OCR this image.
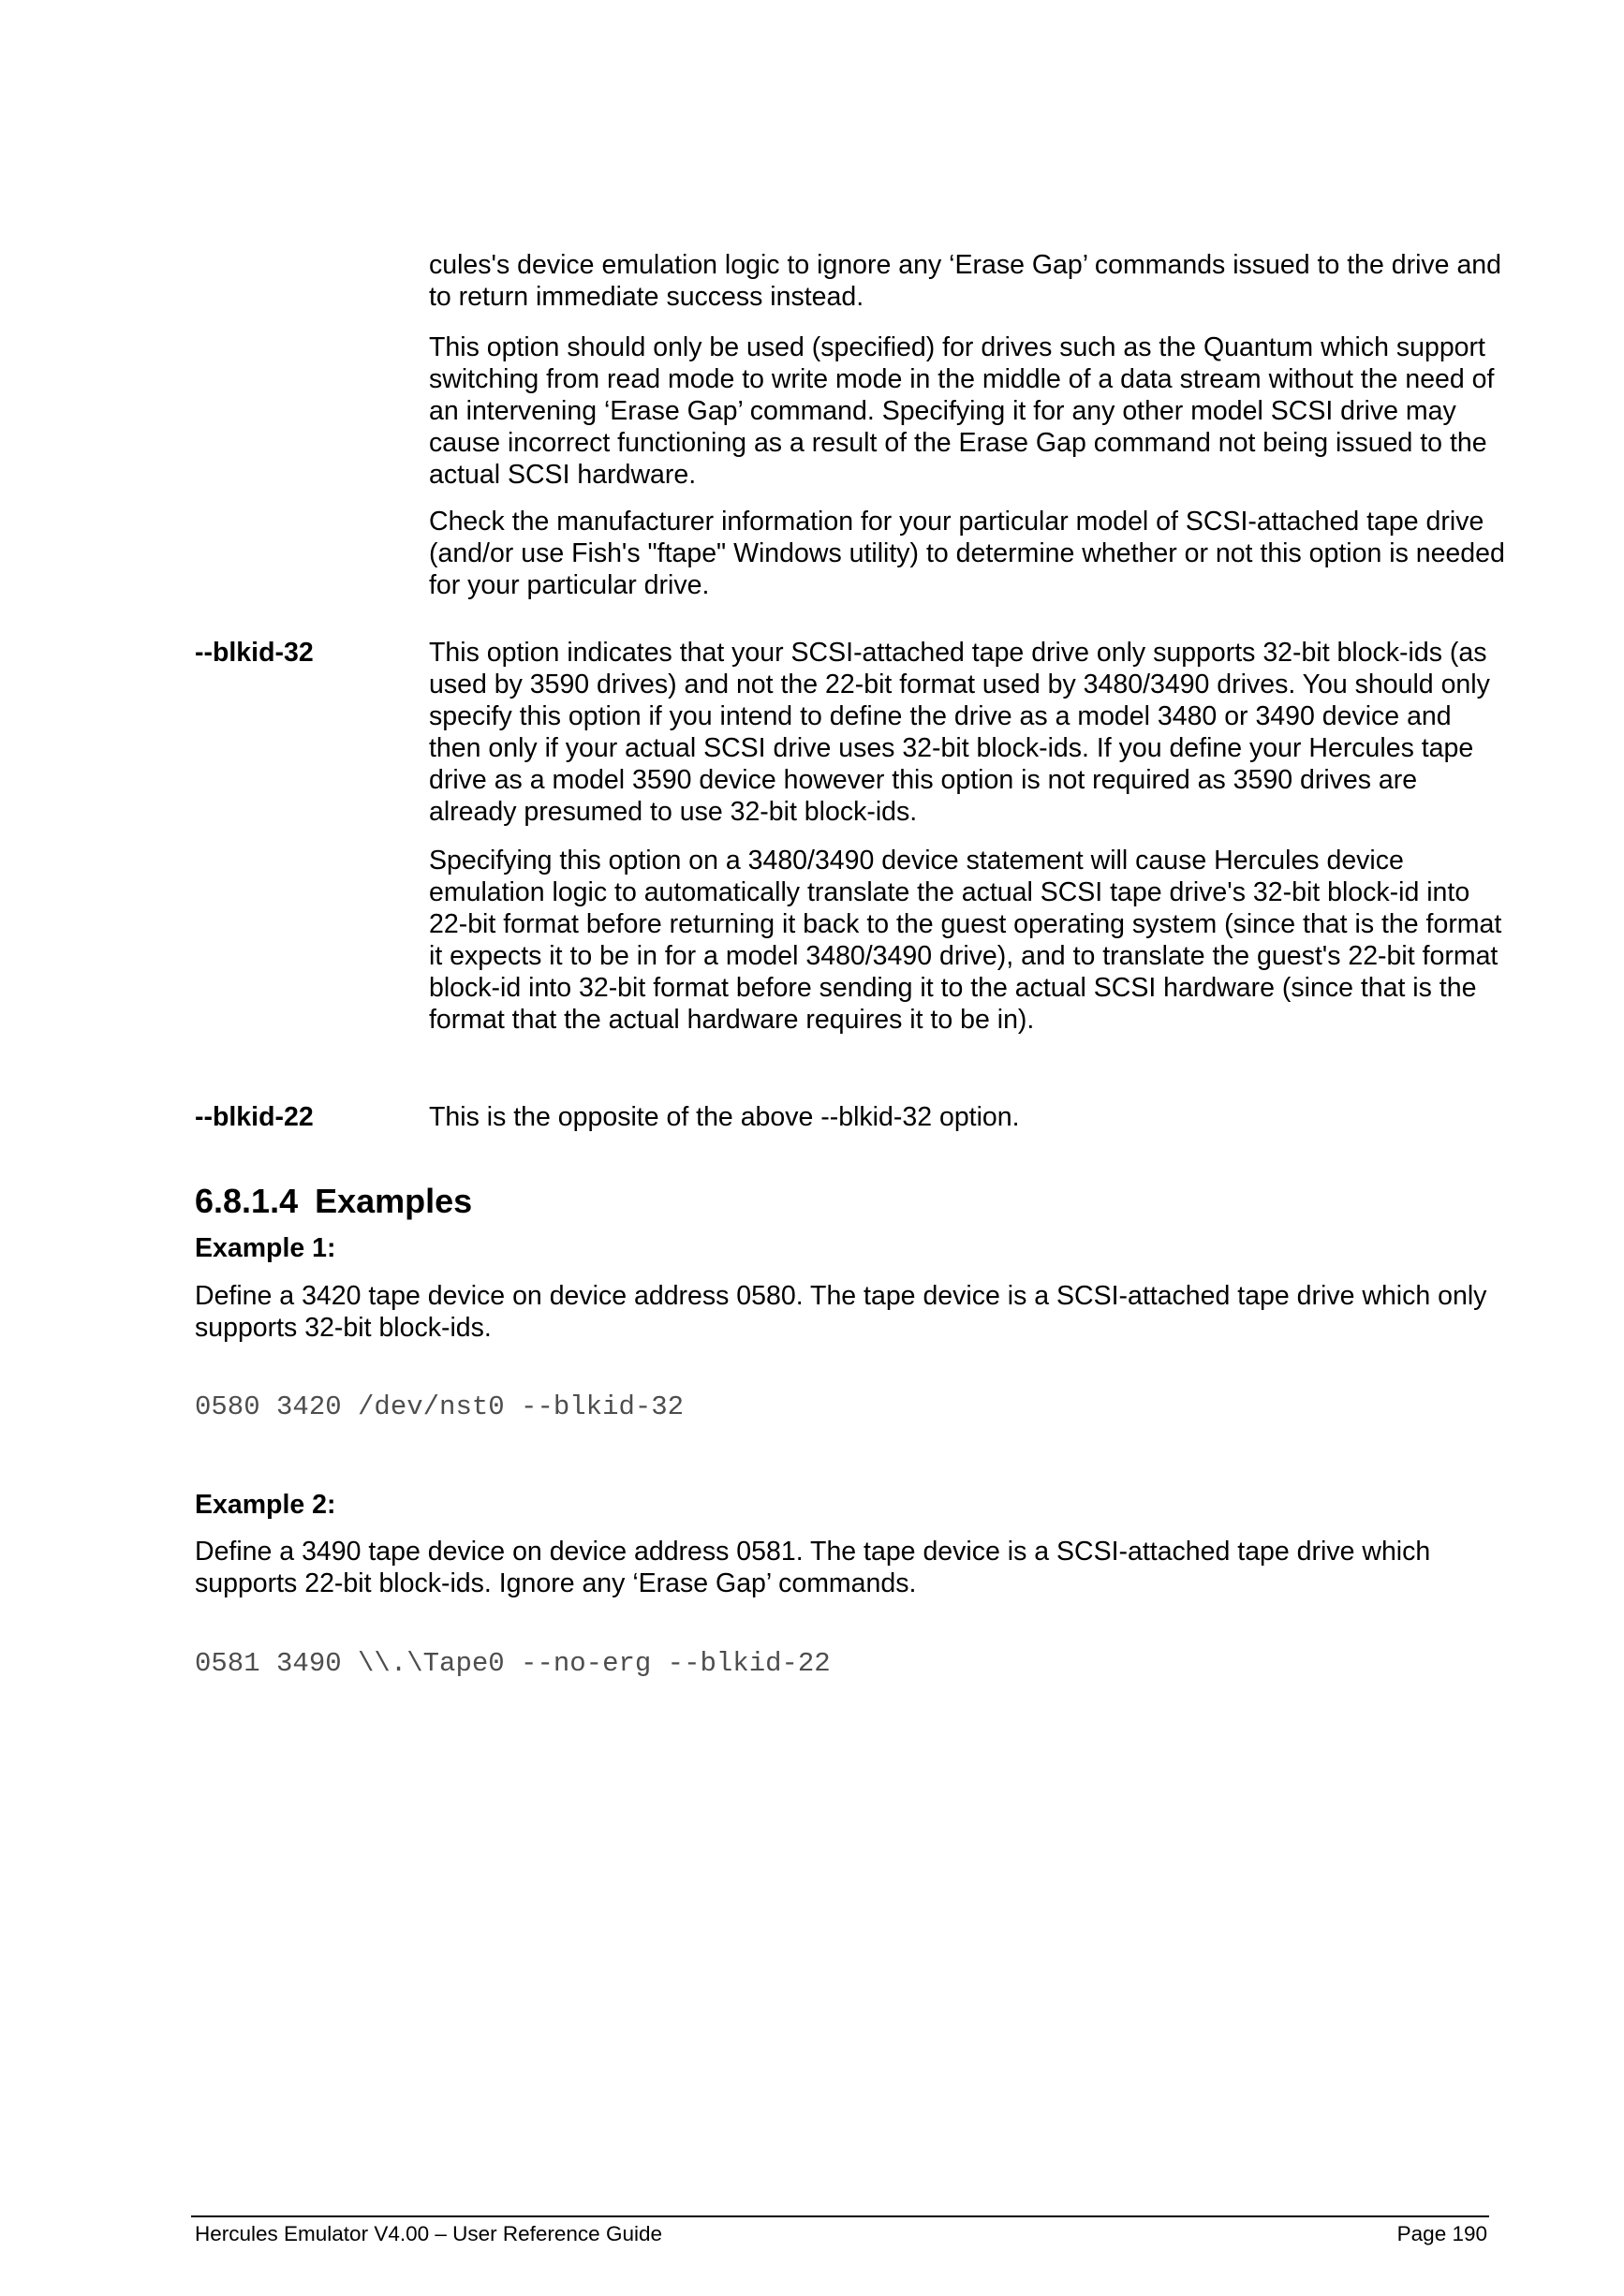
cules's device emulation logic to ignore any ‘Erase Gap’ commands issued to the drive and to return immediate success instead.

This option should only be used (specified) for drives such as the Quantum which support switching from read mode to write mode in the middle of a data stream without the need of an intervening ‘Erase Gap’ command. Specifying it for any other model SCSI drive may cause incorrect functioning as a result of the Erase Gap command not being issued to the actual SCSI hardware.

Check the manufacturer information for your particular model of SCSI-attached tape drive (and/or use Fish's "ftape" Windows utility) to determine whether or not this option is needed for your particular drive.

--blkid-32	This option indicates that your SCSI-attached tape drive only supports 32-bit block-ids (as used by 3590 drives) and not the 22-bit format used by 3480/3490 drives. You should only specify this option if you intend to define the drive as a model 3480 or 3490 device and then only if your actual SCSI drive uses 32-bit block-ids. If you define your Hercules tape drive as a model 3590 device however this option is not required as 3590 drives are already presumed to use 32-bit block-ids.

Specifying this option on a 3480/3490 device statement will cause Hercules device emulation logic to automatically translate the actual SCSI tape drive's 32-bit block-id into 22-bit format before returning it back to the guest operating system (since that is the format it expects it to be in for a model 3480/3490 drive), and to translate the guest's 22-bit format block-id into 32-bit format before sending it to the actual SCSI hardware (since that is the format that the actual hardware requires it to be in).

--blkid-22	This is the opposite of the above --blkid-32 option.

6.8.1.4 Examples

Example 1:

Define a 3420 tape device on device address 0580. The tape device is a SCSI-attached tape drive which only supports 32-bit block-ids.

0580 3420 /dev/nst0 --blkid-32

Example 2:

Define a 3490 tape device on device address 0581. The tape device is a SCSI-attached tape drive which supports 22-bit block-ids. Ignore any ‘Erase Gap’ commands.

0581 3490 \\.\Tape0 --no-erg --blkid-22

Hercules Emulator V4.00 – User Reference Guide	Page 190
